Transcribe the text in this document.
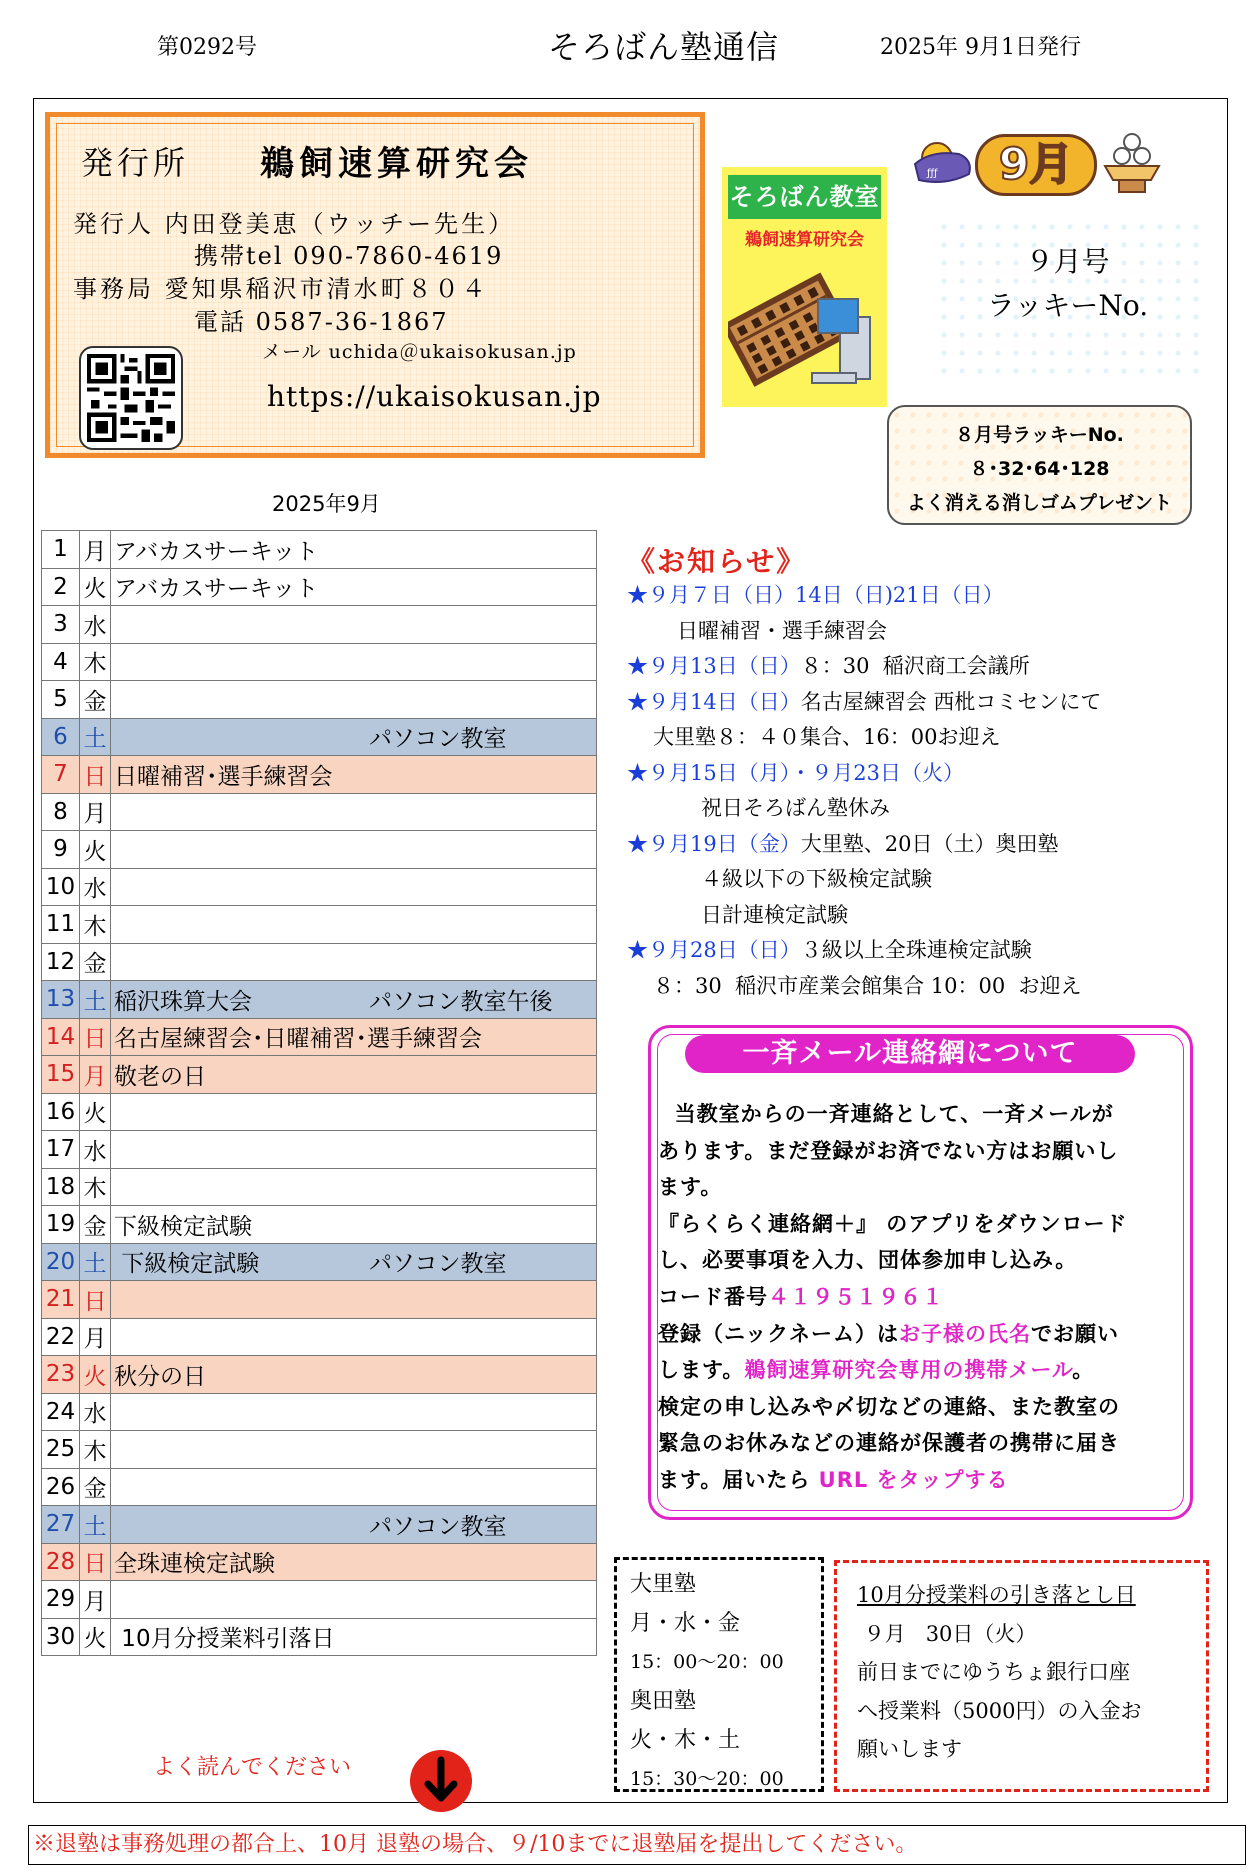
第0292号	そろばん塾通信	2025年 9月1日発行
発行所 鵜飼速算研究会
発行人 内田登美恵（ウッチー先生）
携帯tel 090-7860-4619
事務局 愛知県稲沢市清水町８０４
電話 0587-36-1867
メール uchida＠ukaisokusan.jp
https://ukaisokusan.jp
そろばん教室
鵜飼速算研究会
ƒƒƒ	9月
９月号
ラッキーNo.
８月号ラッキーNo.
８･32･64･128
よく消える消しゴムプレゼント
2025年9月
1	月	アバカスサーキット

2	火	アバカスサーキット

3	水	

4	木	

5	金	

6	土	パソコン教室

7	日	日曜補習･選手練習会

8	月	

9	火	

10	水	

11	木	

12	金	

13	土	稲沢珠算大会 パソコン教室午後

14	日	名古屋練習会･日曜補習･選手練習会

15	月	敬老の日

16	火	

17	水	

18	木	

19	金	下級検定試験

20	土	下級検定試験 パソコン教室

21	日	

22	月	

23	火	秋分の日

24	水	

25	木	

26	金	

27	土	パソコン教室

28	日	全珠連検定試験

29	月	

30	火	10月分授業料引落日
《お知らせ》
★９月７日（日）14日（日)21日（日）
日曜補習・選手練習会
★９月13日（日）８：30  稲沢商工会議所
★９月14日（日）名古屋練習会 西枇コミセンにて
大里塾８：４０集合、16：00お迎え
★９月15日（月）・９月23日（火）
祝日そろばん塾休み
★９月19日（金）大里塾、20日（土）奥田塾
４級以下の下級検定試験
日計連検定試験
★９月28日（日）３級以上全珠連検定試験
８：30  稲沢市産業会館集合 10：00  お迎え
一斉メール連絡網について
当教室からの一斉連絡として、一斉メールが
あります。まだ登録がお済でない方はお願いし
ます。
『らくらく連絡網＋』 のアプリをダウンロード
し、必要事項を入力、団体参加申し込み。
コード番号４１９５１９６１
登録（ニックネーム）はお子様の氏名でお願い
します。鵜飼速算研究会専用の携帯メール。
検定の申し込みや〆切などの連絡、また教室の
緊急のお休みなどの連絡が保護者の携帯に届き
ます。届いたら URL をタップする
大里塾
月・水・金
15：00〜20：00
奥田塾
火・木・土
15：30〜20：00
10月分授業料の引き落とし日
９月   30日（火）
前日までにゆうちょ銀行口座
へ授業料（5000円）の入金お
願いします
よく読んでください
※退塾は事務処理の都合上、10月 退塾の場合、９/10までに退塾届を提出してください。
